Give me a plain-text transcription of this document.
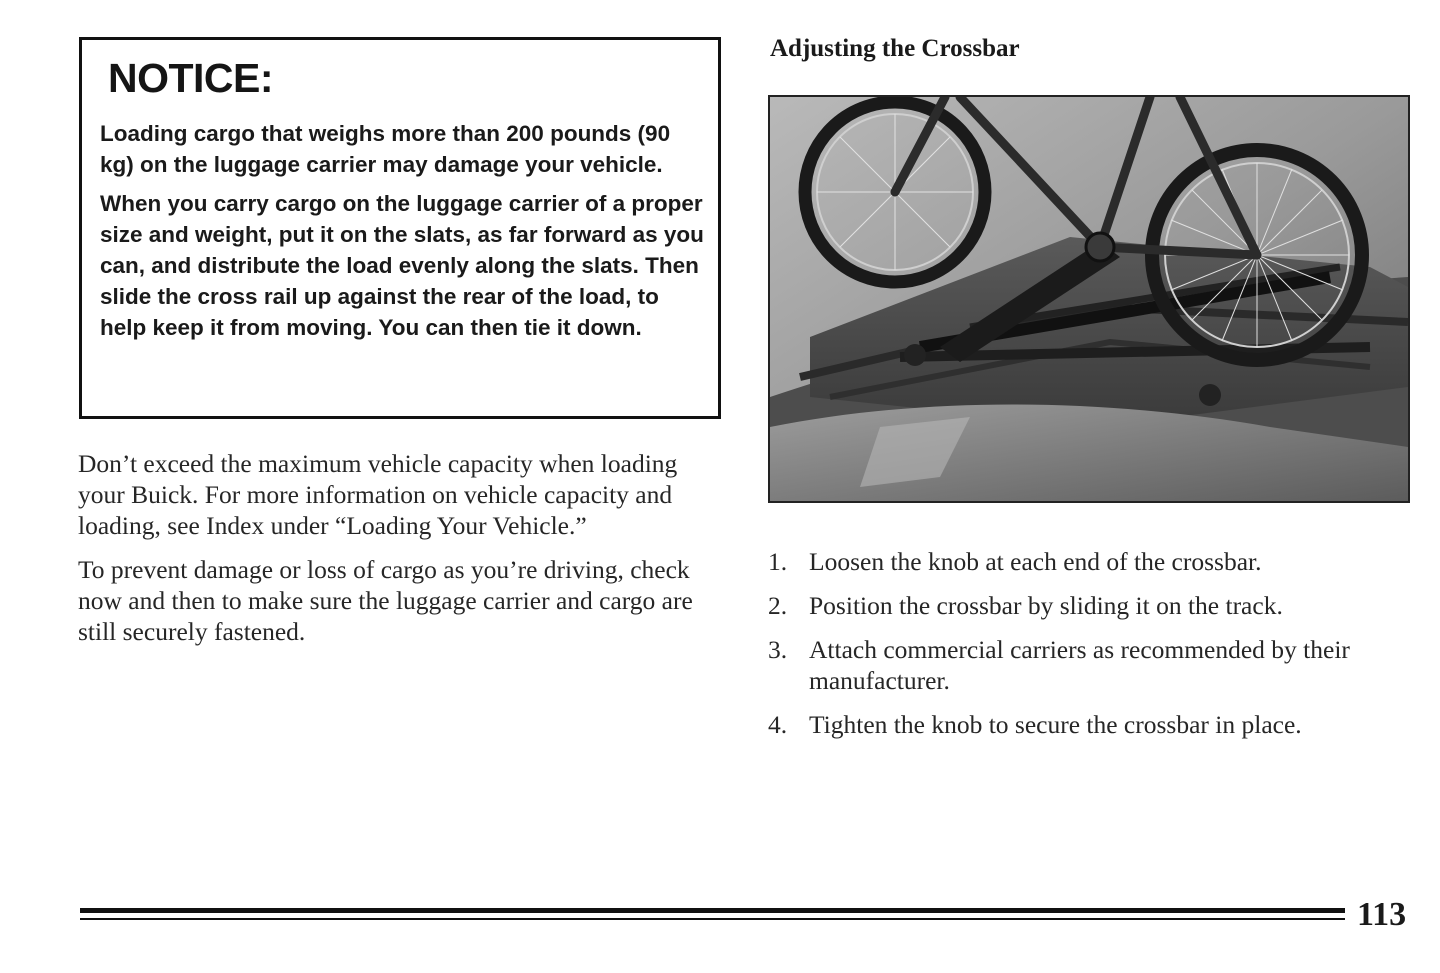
NOTICE:

Loading cargo that weighs more than 200 pounds (90 kg) on the luggage carrier may damage your vehicle.

When you carry cargo on the luggage carrier of a proper size and weight, put it on the slats, as far forward as you can, and distribute the load evenly along the slats. Then slide the cross rail up against the rear of the load, to help keep it from moving. You can then tie it down.

Don’t exceed the maximum vehicle capacity when loading your Buick. For more information on vehicle capacity and loading, see Index under “Loading Your Vehicle.”

To prevent damage or loss of cargo as you’re driving, check now and then to make sure the luggage carrier and cargo are still securely fastened.

Adjusting the Crossbar
1. Loosen the knob at each end of the crossbar.
2. Position the crossbar by sliding it on the track.
3. Attach commercial carriers as recommended by their manufacturer.
4. Tighten the knob to secure the crossbar in place.

113
